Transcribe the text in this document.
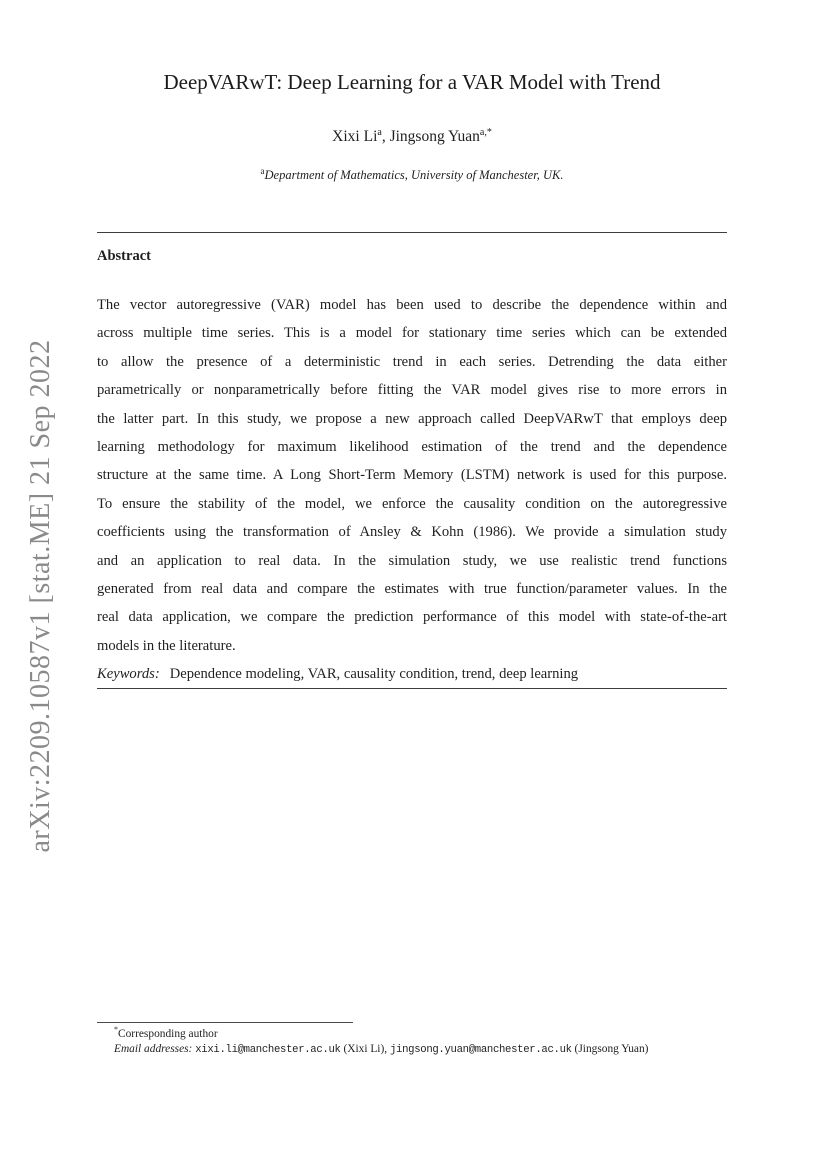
arXiv:2209.10587v1 [stat.ME] 21 Sep 2022
DeepVARwT: Deep Learning for a VAR Model with Trend
Xixi Li$^a$, Jingsong Yuan$^{a,*}$
$^a$Department of Mathematics, University of Manchester, UK.
Abstract
The vector autoregressive (VAR) model has been used to describe the dependence within and
across multiple time series. This is a model for stationary time series which can be extended
to allow the presence of a deterministic trend in each series. Detrending the data either
parametrically or nonparametrically before fitting the VAR model gives rise to more errors in
the latter part. In this study, we propose a new approach called DeepVARwT that employs deep
learning methodology for maximum likelihood estimation of the trend and the dependence
structure at the same time. A Long Short-Term Memory (LSTM) network is used for this purpose.
To ensure the stability of the model, we enforce the causality condition on the autoregressive
coefficients using the transformation of Ansley & Kohn (1986). We provide a simulation study
and an application to real data. In the simulation study, we use realistic trend functions
generated from real data and compare the estimates with true function/parameter values. In the
real data application, we compare the prediction performance of this model with state-of-the-art
models in the literature.
Keywords: Dependence modeling, VAR, causality condition, trend, deep learning
*Corresponding author
Email addresses: xixi.li@manchester.ac.uk (Xixi Li), jingsong.yuan@manchester.ac.uk (Jingsong Yuan)
